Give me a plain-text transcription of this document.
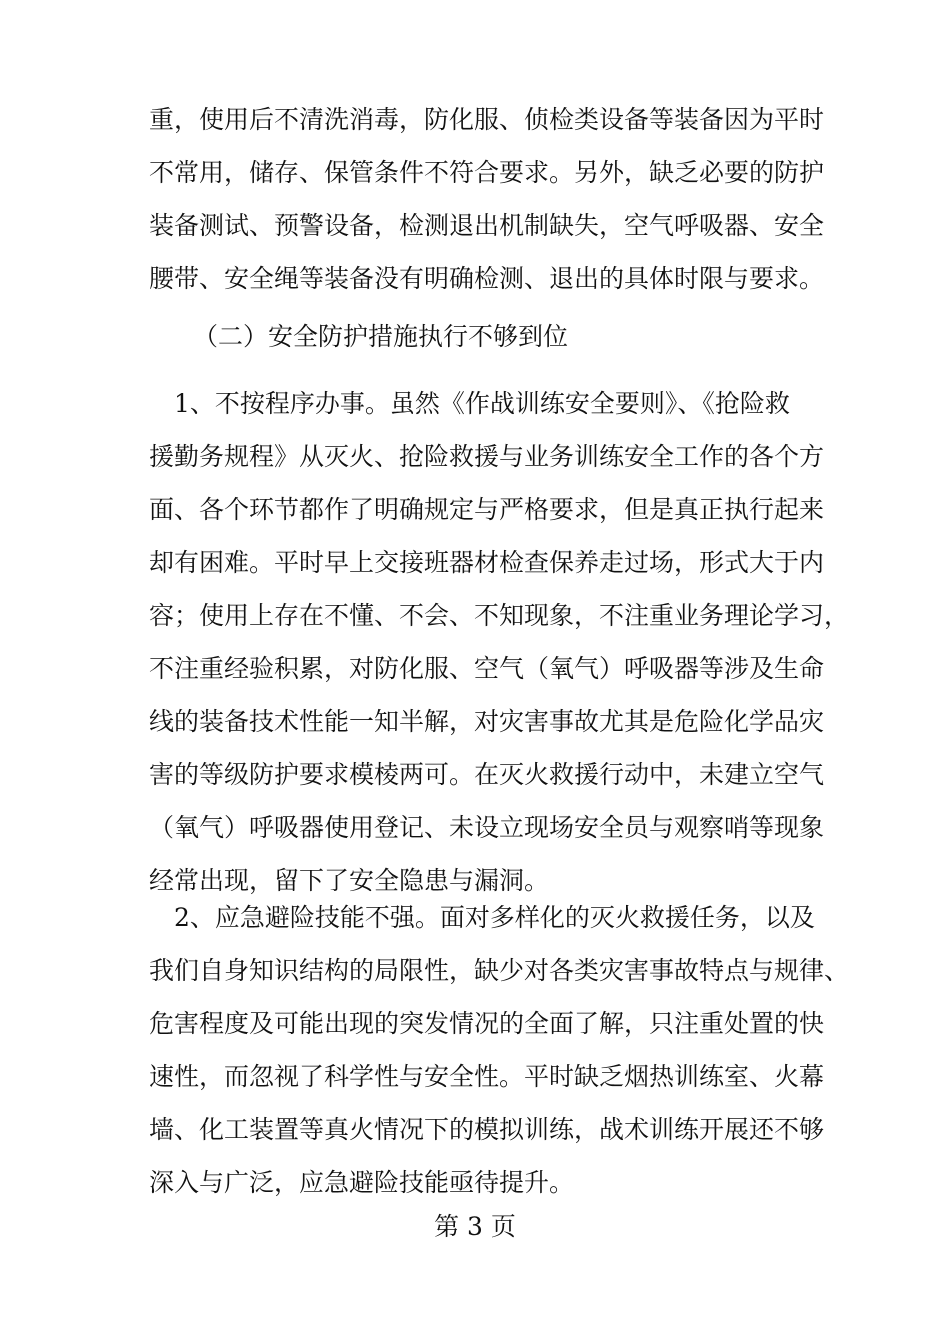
重，使用后不清洗消毒，防化服、侦检类设备等装备因为平时
不常用，储存、保管条件不符合要求。另外，缺乏必要的防护
装备测试、预警设备，检测退出机制缺失，空气呼吸器、安全
腰带、安全绳等装备没有明确检测、退出的具体时限与要求。
（二）安全防护措施执行不够到位
　1、不按程序办事。虽然《作战训练安全要则》、《抢险救
援勤务规程》从灭火、抢险救援与业务训练安全工作的各个方
面、各个环节都作了明确规定与严格要求，但是真正执行起来
却有困难。平时早上交接班器材检查保养走过场，形式大于内
容；使用上存在不懂、不会、不知现象，不注重业务理论学习，
不注重经验积累，对防化服、空气（氧气）呼吸器等涉及生命
线的装备技术性能一知半解，对灾害事故尤其是危险化学品灾
害的等级防护要求模棱两可。在灭火救援行动中，未建立空气
（氧气）呼吸器使用登记、未设立现场安全员与观察哨等现象
经常出现，留下了安全隐患与漏洞。
　2、应急避险技能不强。面对多样化的灭火救援任务，以及
我们自身知识结构的局限性，缺少对各类灾害事故特点与规律、
危害程度及可能出现的突发情况的全面了解，只注重处置的快
速性，而忽视了科学性与安全性。平时缺乏烟热训练室、火幕
墙、化工装置等真火情况下的模拟训练，战术训练开展还不够
深入与广泛，应急避险技能亟待提升。
第 3 页
